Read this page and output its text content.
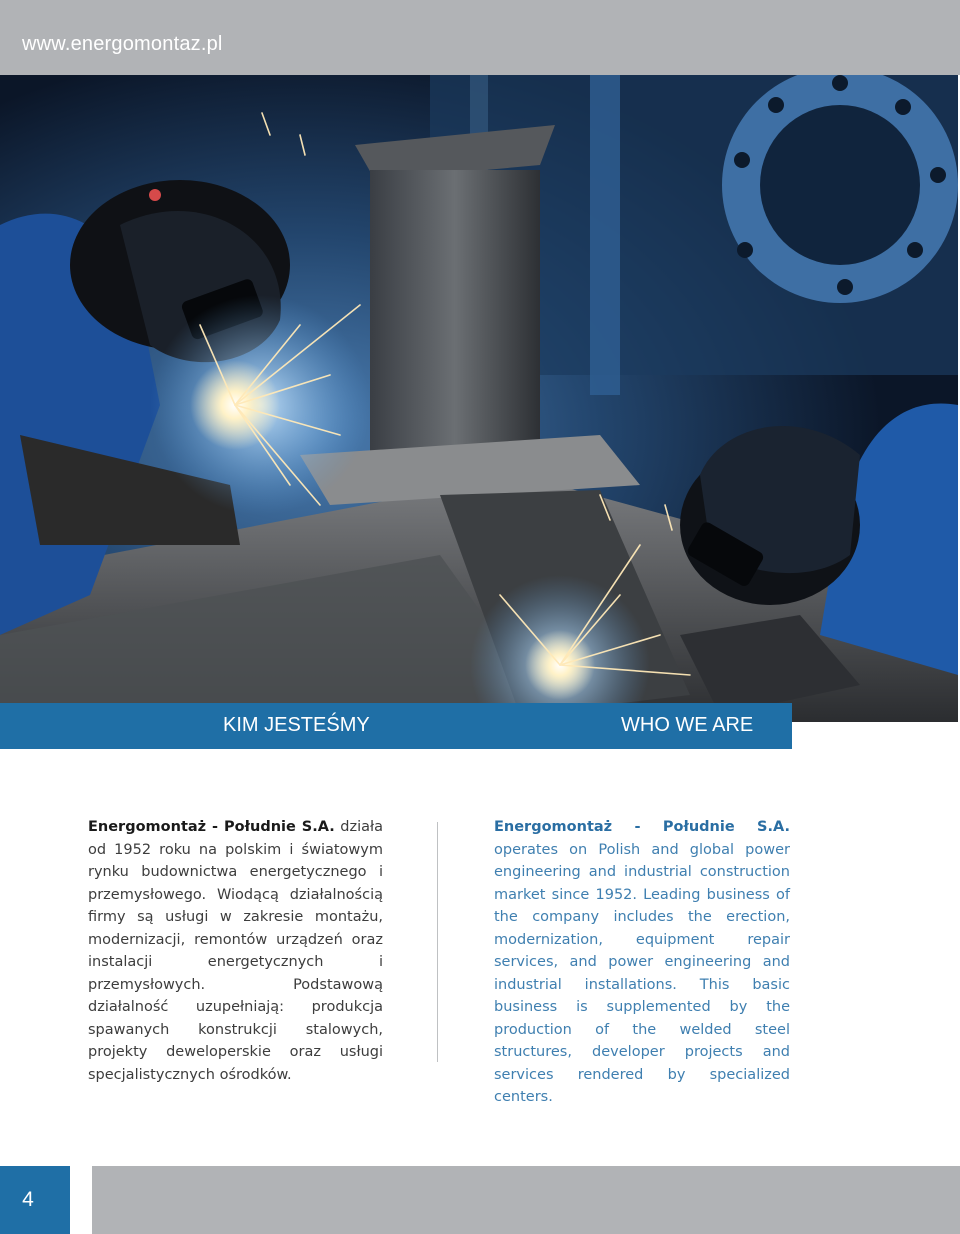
www.energomontaz.pl
KIM JESTEŚMY	WHO WE ARE
Energomontaż - Południe S.A. działa od 1952 roku na polskim i światowym rynku budownictwa energetycznego i przemysłowego. Wiodącą działalnością firmy są usługi w zakresie montażu, modernizacji, remontów urządzeń oraz instalacji energetycznych i przemysłowych. Podstawową działalność uzupełniają: produkcja spawanych konstrukcji stalowych, projekty deweloperskie oraz usługi specjalistycznych ośrodków.
Energomontaż - Południe S.A. operates on Polish and global power engineering and industrial construction market since 1952. Leading business of the company includes the erection, modernization, equipment repair services, and power engineering and industrial installations. This basic business is supplemented by the production of the welded steel structures, developer projects and services rendered by specialized centers.
4
